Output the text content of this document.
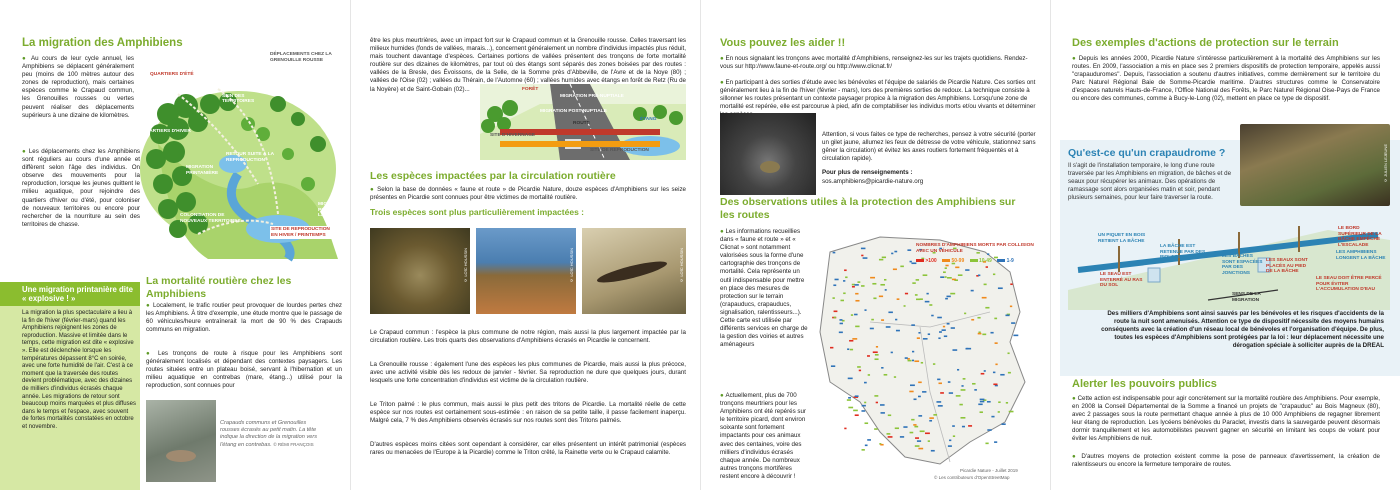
La migration des Amphibiens
● Au cours de leur cycle annuel, les Amphibiens se déplacent généralement peu (moins de 100 mètres autour des zones de reproduction), mais certaines espèces comme le Crapaud commun, les Grenouilles rousses ou vertes peuvent réaliser des déplacements supérieurs à une dizaine de kilomètres.
● Les déplacements chez les Amphibiens sont réguliers au cours d'une année et diffèrent selon l'âge des individus. On observe des mouvements pour la reproduction, lorsque les jeunes quittent le milieu aquatique, pour rejoindre des quartiers d'hiver ou d'été, pour coloniser de nouveaux territoires ou encore pour rechercher de la nourriture au sein des territoires de chasse.
DÉPLACEMENTS CHEZ LA GRENOUILLE ROUSSE
QUARTIERS D'ÉTÉ
MIGRATION AUTOMNALE	ALIMENTATION AU SEIN DES TERRITOIRES
QUARTIERS D'HIVER
MIGRATION PRINTANIÈRE
RETOUR SUITE À LA REPRODUCTION
COLONISATION DE NOUVEAUX TERRITOIRES
MIGRATION POST-LARVAIRE
SITE DE REPRODUCTION EN HIVER / PRINTEMPS
Une migration printanière dite « explosive ! »
La migration la plus spectaculaire a lieu à la fin de l'hiver (février-mars) quand les Amphibiens rejoignent les zones de reproduction. Massive et limitée dans le temps, cette migration est dite « explosive ». Elle est déclenchée lorsque les températures dépassent 8°C en soirée, avec une forte humidité de l'air. C'est à ce moment que la traversée des routes devient problématique, avec des dizaines de milliers d'individus écrasés chaque année. Les migrations de retour sont beaucoup moins marquées et plus diffuses dans le temps et l'espace, avec souvent de fortes mortalités constatées en octobre et novembre.
La mortalité routière chez les Amphibiens
● Localement, le trafic routier peut provoquer de lourdes pertes chez les Amphibiens. À titre d'exemple, une étude montre que le passage de 60 véhicules/heure entraînerait la mort de 90 % des Crapauds communs en migration.
● Les tronçons de route à risque pour les Amphibiens sont généralement localisés et dépendant des contextes paysagers. Les routes situées entre un plateau boisé, servant à l'hibernation et un milieu aquatique en contrebas (mare, étang...) utilisé pour la reproduction, sont connues pour
Crapauds communs et Grenouilles rousses écrasés au petit matin. La tête indique la direction de la migration vers l'étang en contrebas. © RÉMI FRANÇOIS
être les plus meurtrières, avec un impact fort sur le Crapaud commun et la Grenouille rousse. Celles traversant les milieux humides (fonds de vallées, marais...), concernent généralement un nombre d'individus impactés plus réduit, mais touchent davantage d'espèces. Certaines portions de vallées présentent des tronçons de forte mortalité routière sur des dizaines de kilomètres, par tout où des étangs sont séparés des zones boisées par des routes : vallées de la Bresle, des Évoissons, de la Selle, de la Somme près d'Abbeville, de l'Avre et de la Noye (80) ; vallées de l'Oise (02) ; vallées du Thérain, de l'Automne (60) ; vallées humides avec étangs en forêt de Retz (Ru de la Noyère) et de Saint-Gobain (02)...	FORÊT
MIGRATION PRÉ-NUPTIALE
MIGRATION POST-NUPTIALE
ÉTANG
SITE D'HIVERNAGE
ROUTE
SITE DE REPRODUCTION
Les espèces impactées par la circulation routière
● Selon la base de données « faune et route » de Picardie Nature, douze espèces d'Amphibiens sur les seize présentes en Picardie sont connues pour être victimes de mortalité routière.
Trois espèces sont plus particulièrement impactées :
© LOÏC HOUSSIN	© LOÏC HOUSSIN	© LOÏC HOUSSIN
Le Crapaud commun : l'espèce la plus commune de notre région, mais aussi la plus largement impactée par la circulation routière. Les trois quarts des observations d'Amphibiens écrasés en Picardie le concernent.
La Grenouille rousse : également l'une des espèces les plus communes de Picardie, mais aussi la plus précoce, avec une activité visible dès les redoux de janvier - février. Sa reproduction ne dure que quelques jours, durant lesquels une forte concentration d'individus est victime de la circulation routière.
Le Triton palmé : le plus commun, mais aussi le plus petit des tritons de Picardie. La mortalité réelle de cette espèce sur nos routes est certainement sous-estimée : en raison de sa petite taille, il passe facilement inaperçu. Malgré cela, 7 % des Amphibiens observés écrasés sur nos routes sont des Tritons palmés.
D'autres espèces moins citées sont cependant à considérer, car elles présentent un intérêt patrimonial (espèces rares ou menacées de l'Europe à la Picardie) comme le Triton crêté, la Rainette verte ou le Crapaud calamite.
Vous pouvez les aider !!
● En nous signalant les tronçons avec mortalité d'Amphibiens, renseignez-les sur les trajets quotidiens. Rendez-vous sur http://www.faune-et-route.org/ ou http://www.clicnat.fr/
● En participant à des sorties d'étude avec les bénévoles et l'équipe de salariés de Picardie Nature. Ces sorties ont généralement lieu à la fin de l'hiver (février - mars), lors des premières sorties de redoux. La technique consiste à sillonner les routes présentant un contexte paysager propice à la migration des Amphibiens. Lorsqu'une zone de mortalité est repérée, elle est parcourue à pied, afin de comptabiliser les individus morts et/ou vivants et déterminer
Attention, si vous faites ce type de recherches, pensez à votre sécurité (porter un gilet jaune, allumez les feux de détresse de votre véhicule, stationnez sans gêner la circulation) et évitez les axes routiers fortement fréquentés et à circulation rapide).
Pour plus de renseignements :
sos.amphibiens@picardie-nature.org
Des observations utiles à la protection des Amphibiens sur les routes
● Les informations recueillies dans « faune et route » et « Clicnat » sont notamment valorisées sous la forme d'une cartographie des tronçons de mortalité. Cela représente un outil indispensable pour mettre en place des mesures de protection sur le terrain (crapauducs, crapauducs, signalisation, ralentisseurs...). Cette carte est utilisée par différents services en charge de la gestion des voiries et autres aménageurs
● Actuellement, plus de 700 tronçons meurtriers pour les Amphibiens ont été repérés sur le territoire picard, dont environ soixante sont fortement impactants pour ces animaux avec des centaines, voire des milliers d'individus écrasés chaque année. De nombreux autres tronçons mortifères restent encore à découvrir !
NOMBRES D'AMPHIBIENS MORTS PAR COLLISION AVEC UN VÉHICULE
>100	50-99	10-49	1-9
Picardie Nature - Juillet 2019
© Les contributeurs d'OpenStreetMap
Des exemples d'actions de protection sur le terrain
● Depuis les années 2000, Picardie Nature s'intéresse particulièrement à la mortalité des Amphibiens sur les routes. En 2009, l'association a mis en place ses 2 premiers dispositifs de protection temporaire, appelés aussi "crapauduromes". Depuis, l'association a soutenu d'autres initiatives, comme dernièrement sur le territoire du Parc Naturel Régional Baie de Somme-Picardie maritime. D'autres structures comme le Conservatoire d'espaces naturels Hauts-de-France, l'Office National des Forêts, le Parc Naturel Régional Oise-Pays de France ou encore des communes, comme à Bucy-le-Long (02), mettent en place ce type de dispositif.
Qu'est-ce qu'un crapaudrome ?
Il s'agit de l'installation temporaire, le long d'une route traversée par les Amphibiens en migration, de bâches et de seaux pour récupérer les animaux. Des opérations de ramassage sont alors organisées matin et soir, pendant plusieurs semaines, pour leur faire traverser la route.
© JULIEN LEJEUNE
UN PIQUET EN BOIS RETIENT LA BÂCHE
LA BÂCHE EST RETENUE PAR DES PIQUETS	LES BÂCHES SONT ESPACÉES PAR DES JONCTIONS
LE SEAU EST ENTERRÉ AU RAS DU SOL
LES SEAUX SONT PLACÉS AU PIED DE LA BÂCHE
LE BORD SUPÉRIEUR DE LA BÂCHE EMPÊCHE L'ESCALADE
SENS DE LA MIGRATION
LE SEAU DOIT ÊTRE PERCÉ POUR ÉVITER L'ACCUMULATION D'EAU
LES AMPHIBIENS LONGENT LA BÂCHE
Des milliers d'Amphibiens sont ainsi sauvés par les bénévoles et les risques d'accidents de la route la nuit sont amenuisés. Attention ce type de dispositif nécessite des moyens humains conséquents avec la création d'un réseau local de bénévoles et l'organisation d'équipe. De plus, toutes les espèces d'Amphibiens sont protégées par la loi : leur déplacement nécessite une dérogation spéciale à solliciter auprès de la DREAL
Alerter les pouvoirs publics
● Cette action est indispensable pour agir concrètement sur la mortalité routière des Amphibiens. Pour exemple, en 2008 la Conseil Départemental de la Somme a financé un projets de "crapauduc" au Bois Magneux (80), avec 2 passages sous la route permettant chaque année à plus de 10 000 Amphibiens de regagner librement leur étang de reproduction. Les lycéens bénévoles du Paraclet, investis dans la sauvegarde peuvent désormais dormir tranquillement et les automobilistes peuvent gagner en sécurité en limitant les coups de volant pour éviter les Amphibiens de nuit.
● D'autres moyens de protection existent comme la pose de panneaux d'avertissement, la création de ralentisseurs ou encore la fermeture temporaire de routes.
